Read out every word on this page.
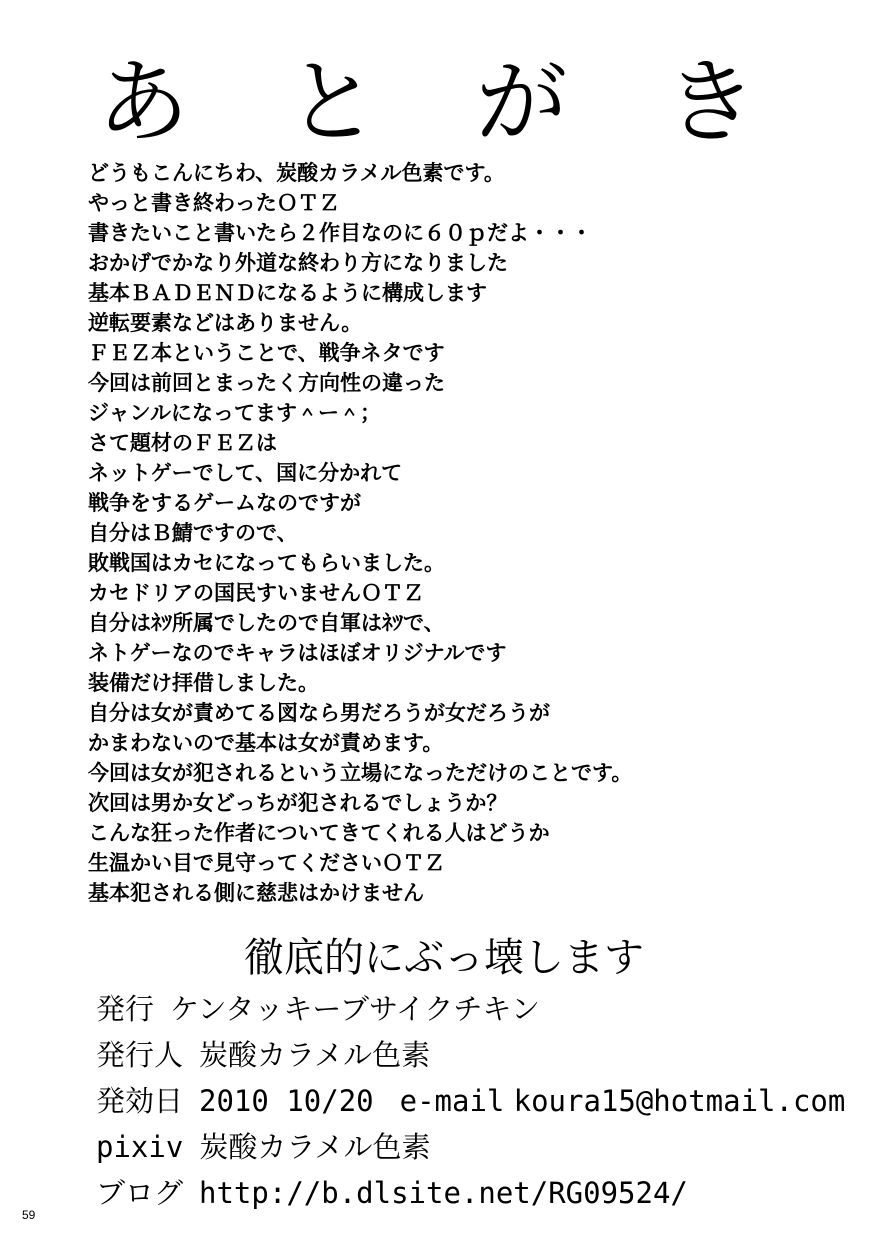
あ と が き
どうもこんにちわ、炭酸カラメル色素です。
やっと書き終わったＯＴＺ
書きたいこと書いたら２作目なのに６０ｐだよ・・・
おかげでかなり外道な終わり方になりました
基本ＢＡＤＥＮＤになるように構成します
逆転要素などはありません。
ＦＥＺ本ということで、戦争ネタです
今回は前回とまったく方向性の違った
ジャンルになってます＾ー＾；
さて題材のＦＥＺは
ネットゲーでして、国に分かれて
戦争をするゲームなのですが
自分はＢ鯖ですので、
敗戦国はカセになってもらいました。
カセドリアの国民すいませんＯＴＺ
自分はﾈﾂ所属でしたので自軍はﾈﾂで、
ネトゲーなのでキャラはほぼオリジナルです
装備だけ拝借しました。
自分は女が責めてる図なら男だろうが女だろうが
かまわないので基本は女が責めます。
今回は女が犯されるという立場になっただけのことです。
次回は男か女どっちが犯されるでしょうか？
こんな狂った作者についてきてくれる人はどうか
生温かい目で見守ってくださいＯＴＺ
基本犯される側に慈悲はかけません
徹底的にぶっ壊します
発行 ケンタッキーブサイクチキン
発行人 炭酸カラメル色素
発効日 2010 10/20 e-mail koura15@hotmail.com
pixiv 炭酸カラメル色素
ブログ http://b.dlsite.net/RG09524/
59
